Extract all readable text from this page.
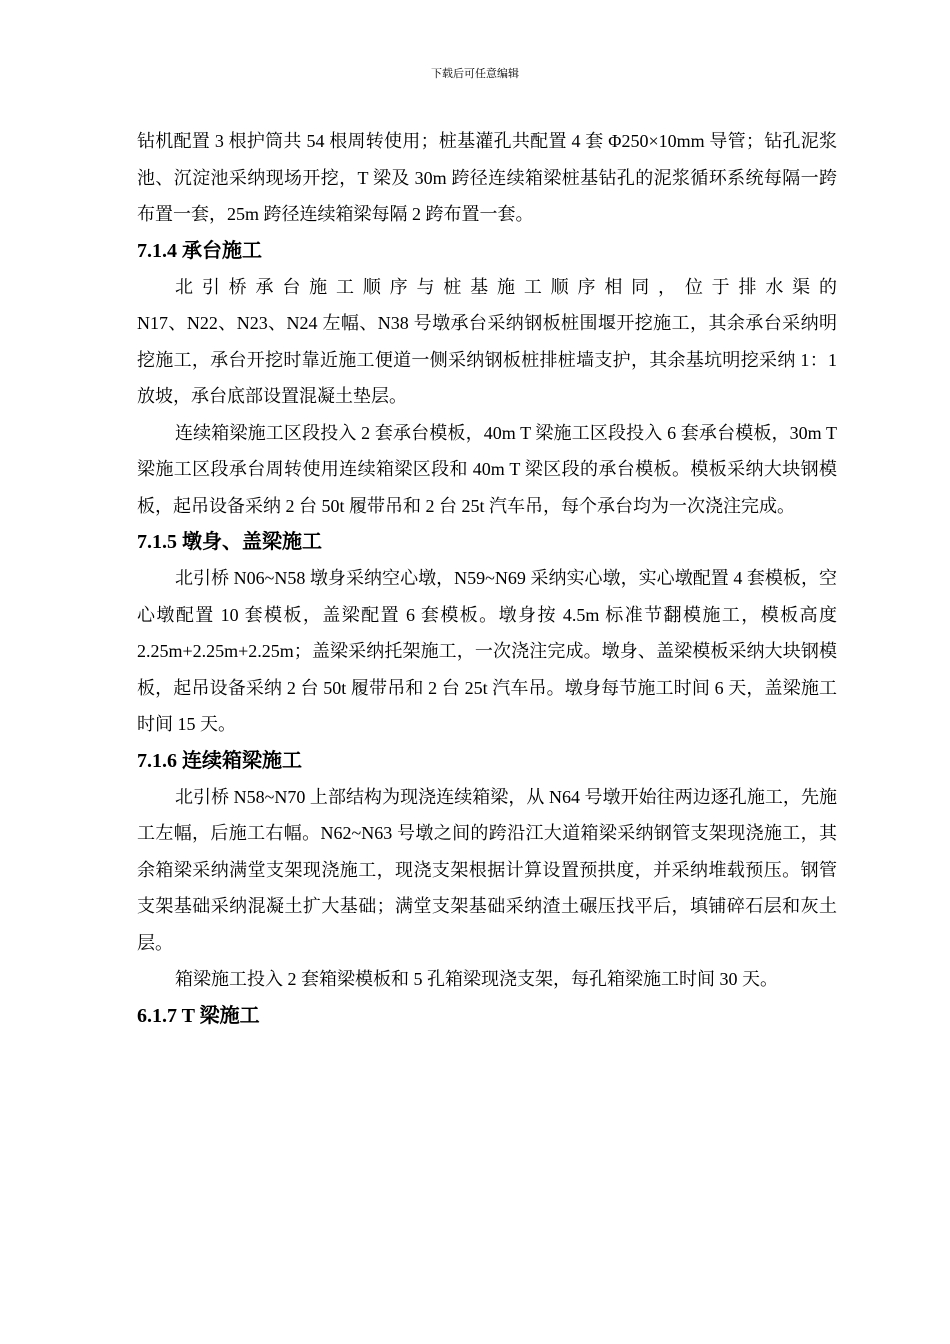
下载后可任意编辑

钻机配置 3 根护筒共 54 根周转使用；桩基灌孔共配置 4 套 Φ250×10mm 导管；钻孔泥浆池、沉淀池采纳现场开挖，T 梁及 30m 跨径连续箱梁桩基钻孔的泥浆循环系统每隔一跨布置一套，25m 跨径连续箱梁每隔 2 跨布置一套。

7.1.4 承台施工

北引桥承台施工顺序与桩基施工顺序相同，位于排水渠的

N17、N22、N23、N24 左幅、N38 号墩承台采纳钢板桩围堰开挖施工，其余承台采纳明挖施工，承台开挖时靠近施工便道一侧采纳钢板桩排桩墙支护，其余基坑明挖采纳 1：1 放坡，承台底部设置混凝土垫层。

连续箱梁施工区段投入 2 套承台模板，40m T 梁施工区段投入 6 套承台模板，30m T 梁施工区段承台周转使用连续箱梁区段和 40m T 梁区段的承台模板。模板采纳大块钢模板，起吊设备采纳 2 台 50t 履带吊和 2 台 25t 汽车吊，每个承台均为一次浇注完成。

7.1.5 墩身、盖梁施工

北引桥 N06~N58 墩身采纳空心墩，N59~N69 采纳实心墩，实心墩配置 4 套模板，空心墩配置 10 套模板，盖梁配置 6 套模板。墩身按 4.5m 标准节翻模施工，模板高度 2.25m+2.25m+2.25m；盖梁采纳托架施工，一次浇注完成。墩身、盖梁模板采纳大块钢模板，起吊设备采纳 2 台 50t 履带吊和 2 台 25t 汽车吊。墩身每节施工时间 6 天，盖梁施工时间 15 天。

7.1.6 连续箱梁施工

北引桥 N58~N70 上部结构为现浇连续箱梁，从 N64 号墩开始往两边逐孔施工，先施工左幅，后施工右幅。N62~N63 号墩之间的跨沿江大道箱梁采纳钢管支架现浇施工，其余箱梁采纳满堂支架现浇施工，现浇支架根据计算设置预拱度，并采纳堆载预压。钢管支架基础采纳混凝土扩大基础；满堂支架基础采纳渣土碾压找平后，填铺碎石层和灰土层。

箱梁施工投入 2 套箱梁模板和 5 孔箱梁现浇支架，每孔箱梁施工时间 30 天。

6.1.7 T 梁施工
